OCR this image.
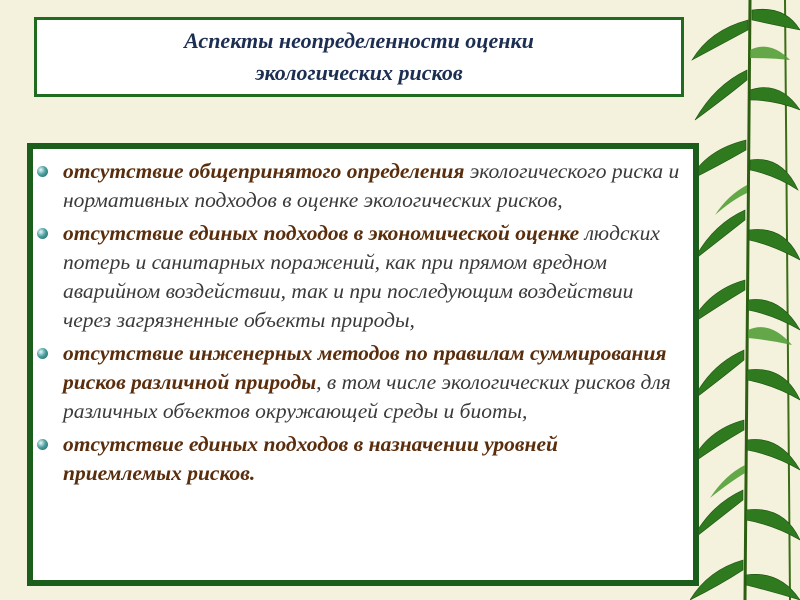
Аспекты неопределенности оценки экологических рисков
отсутствие общепринятого определения экологического риска и нормативных подходов в оценке экологических рисков,
отсутствие единых подходов в экономической оценке людских потерь и санитарных поражений, как при прямом вредном аварийном воздействии, так и при последующим воздействии через загрязненные объекты природы,
отсутствие инженерных методов по правилам суммирования рисков различной природы, в том числе экологических рисков для различных объектов окружающей среды и биоты,
отсутствие единых подходов в назначении уровней приемлемых рисков.
